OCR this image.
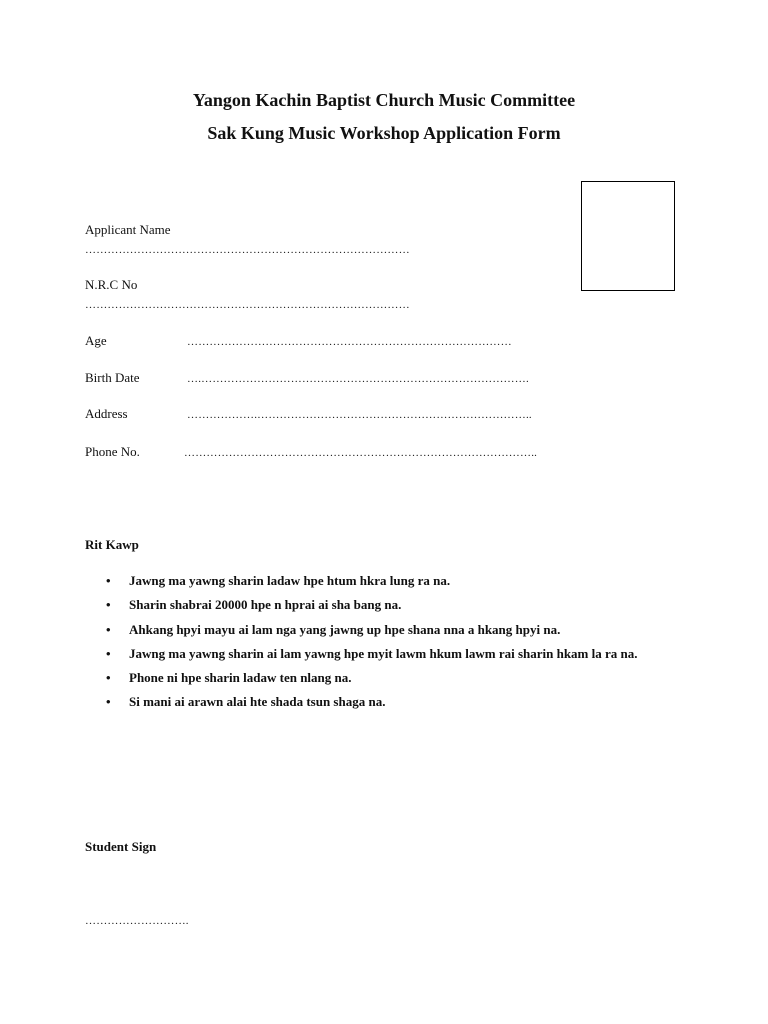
Yangon Kachin Baptist Church Music Committee
Sak Kung Music Workshop Application Form
Applicant Name
……………………………………………………………………………
N.R.C No
……………………………………………………………………………
Age	……………………………………………………………………………
Birth Date	….…………………………………………………………………………….
Address	……………….………………………………………………………………..
Phone No.	…………………………………………………………………………………..
Rit Kawp
• Jawng ma yawng sharin ladaw hpe htum hkra lung ra na.
• Sharin shabrai 20000 hpe n hprai ai sha bang na.
• Ahkang hpyi mayu ai lam nga yang jawng up hpe shana nna a hkang hpyi na.
• Jawng ma yawng sharin ai lam yawng hpe myit lawm hkum lawm rai sharin hkam la ra na.
• Phone ni hpe sharin ladaw ten nlang na.
• Si mani ai arawn alai hte shada tsun shaga na.
Student Sign
……………………….
